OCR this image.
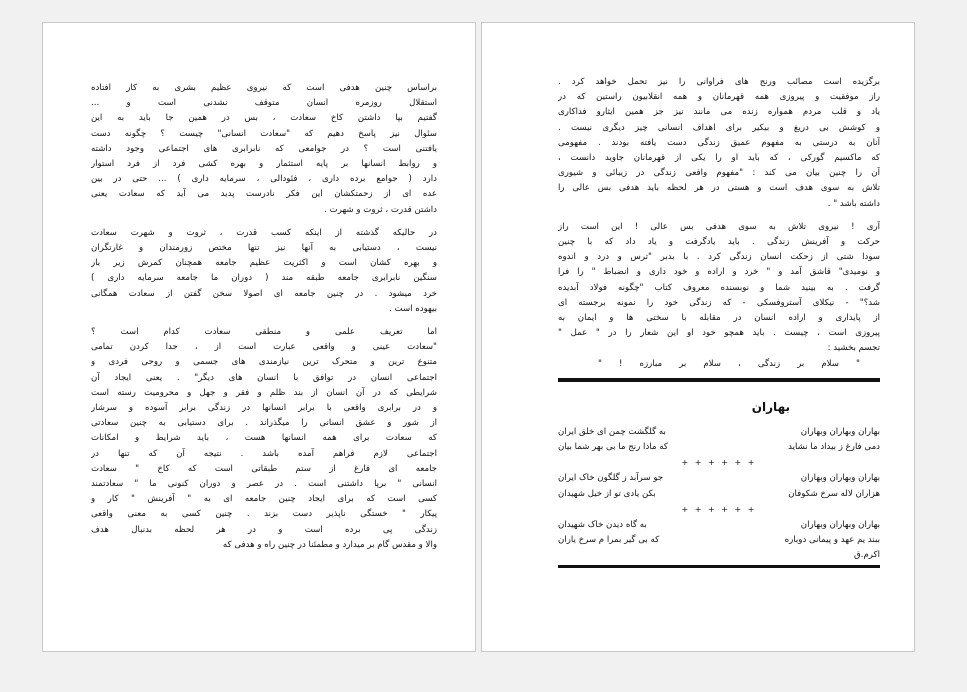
براساس چنین هدفی است که نیروی عظیم بشری به کار افتاده
استقلال روزمره انسان متوقف نشدنی است و ...
گفتیم بپا داشتن کاخ سعادت ، بس در همین جا باید به این
سئوال نیز پاسخ دهیم که "سعادت انسانی" چیست ؟ چگونه دست
یافتنی است ؟ در جوامعی که نابرابری های اجتماعی وجود داشته
و روابط انسانها بر پایه استثمار و بهره کشی فرد از فرد استوار
دارد ( جوامع برده داری ، فئودالی ، سرمایه داری ) ... حتی در بین
عده ای از زحمتکشان این فکر نادرست پدید می آید که سعادت یعنی
داشتن قدرت ، ثروت و شهرت .
در حالیکه گذشته از اینکه کسب قدرت ، ثروت و شهرت سعادت
نیست ، دستیابی به آنها نیز تنها مختص زورمندان و غارتگران
و بهره کشان است و اکثریت عظیم جامعه همچنان کمرش زیر بار
سنگین نابرابری جامعه طبقه مند ( دوران ما جامعه سرمایه داری )
خرد میشود . در چنین جامعه ای اصولا سخن گفتن از سعادت همگانی
بیهوده است .
اما تعریف علمی و منطقی سعادت کدام است ؟
"سعادت عینی و واقعی عبارت است از ، جدا کردن تمامی
متنوع ترین و متحرک ترین نیازمندی های جسمی و روحی فردی و
اجتماعی انسان در توافق با انسان های دیگر" . یعنی ایجاد آن
شرایطی که در آن انسان از بند ظلم و فقر و جهل و محرومیت رسته است
و در برابری واقعی با برابر انسانها در زندگی برابر آسوده و سرشار
از شور و عشق انسانی را میگذراند . برای دستیابی به چنین سعادتی
که سعادت برای همه انسانها هست ، باید شرایط و امکانات
اجتماعی لازم فراهم آمده باشد . نتیجه آن که تنها در
جامعه ای فارغ از ستم طبقاتی است که کاخ " سعادت
انسانی " برپا داشتنی است . در عصر و دوران کنونی ما " سعادتمند
کسی است که برای ایجاد چنین جامعه ای به " آفرینش " کار و
پیکار " خستگی ناپذیر دست بزند . چنین کسی به معنی واقعی
زندگی پی برده است و در هر لحظه بدنبال هدف
والا و مقدس گام بر میدارد و مطمئنا در چنین راه و هدفی که
برگزیده است مصائب ورنج های فراوانی را نیز تحمل خواهد کرد .
راز موفقیت و پیروزی همه قهرمانان و همه انقلابیون راستین که در
یاد و قلب مردم همواره زنده می مانند نیز جز همین ایثارو فداکاری
و کوشش بی دریغ و بیکیر برای اهداف انسانی چیز دیگری نیست .
آنان به درستی به مفهوم عمیق زندگی دست یافته بودند . مفهومی
که ماکسیم گورکی ، که باید او را یکی از قهرمانان جاوید دانست ،
آن را چنین بیان می کند : "مفهوم واقعی زندگی در زیبائی و شیوری
تلاش به سوی هدف است و هستی در هر لحظه باید هدفی بس عالی را
داشته باشد " .
آری ! نیروی تلاش به سوی هدفی بس عالی ! این است راز
حرکت و آفرینش زندگی . باید یادگرفت و یاد داد که با چنین
سودا شتی از زحکت انسان زندگی کرد . با بدبر "ترس و درد و اندوه
و نومیدی" قاشق آمد و " خرد و اراده و خود داری و انضباط " را فرا
گرفت . به بینید شما و نوبسنده معروف کتاب "چگونه فولاد آبدیده
شد؟" - نیکلای آستروفسکی - که زندگی خود را نمونه برجسته ای
از پایداری و اراده انسان در مقابله با سختی ها و ایمان به
پیروزی است ، چیست . باید همچو خود او این شعار را در " عمل "
تجسم بخشید :
" سلام بر زندگی ، سلام بر مبارزه ! "
بهاران
بهاران وبهاران وبهاران
به گلگشت چمن ای خلق ایران
دمی فارغ ز بیداد ما نشاید
که مادا رنج ما بی بهر شما بیان
+ + + + + +
بهاران وبهاران وبهاران
جو سرآبد ز گلگون خاک ایران
هزاران لاله سرخ شکوفان
بکن یادی تو از خیل شهیدان
+ + + + + +
بهاران وبهاران وبهاران
به گاه دیدن خاک شهیدان
ببند یم عهد و پیمانی دوباره
که بی گیر بمرا م سرخ یاران
اکرم.ق
